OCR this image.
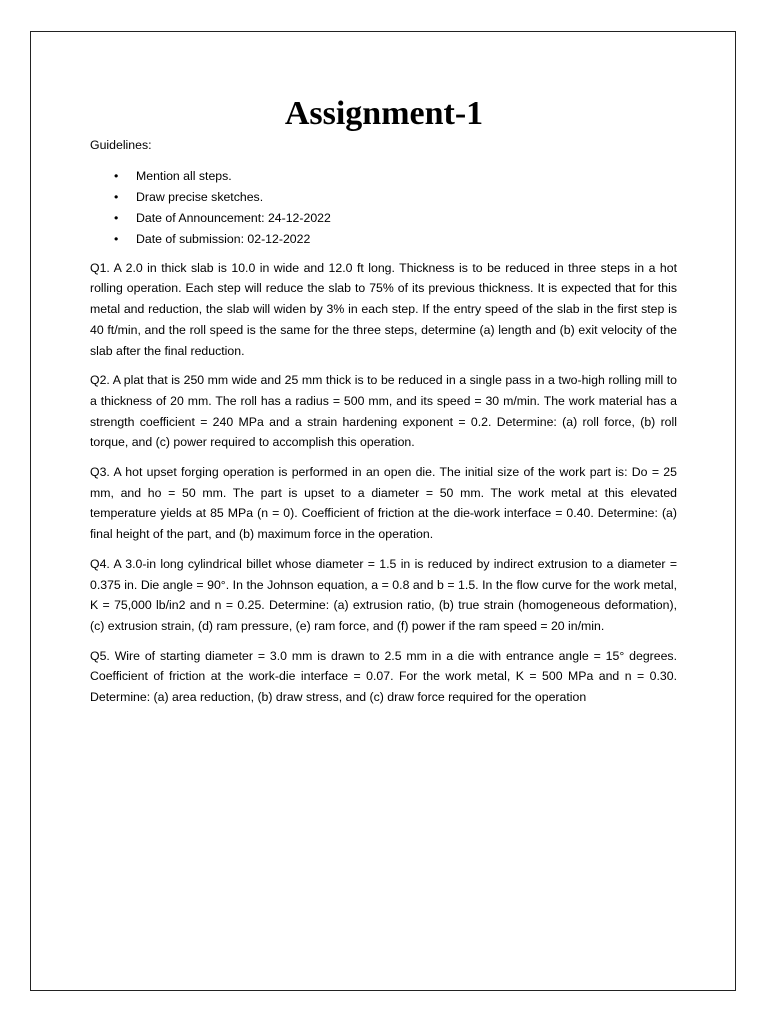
Assignment-1

Guidelines:

• Mention all steps.
• Draw precise sketches.
• Date of Announcement: 24-12-2022
• Date of submission: 02-12-2022

Q1. A 2.0 in thick slab is 10.0 in wide and 12.0 ft long. Thickness is to be reduced in three steps in a hot rolling operation. Each step will reduce the slab to 75% of its previous thickness. It is expected that for this metal and reduction, the slab will widen by 3% in each step. If the entry speed of the slab in the first step is 40 ft/min, and the roll speed is the same for the three steps, determine (a) length and (b) exit velocity of the slab after the final reduction.

Q2. A plat that is 250 mm wide and 25 mm thick is to be reduced in a single pass in a two-high rolling mill to a thickness of 20 mm. The roll has a radius = 500 mm, and its speed = 30 m/min. The work material has a strength coefficient = 240 MPa and a strain hardening exponent = 0.2. Determine: (a) roll force, (b) roll torque, and (c) power required to accomplish this operation.

Q3. A hot upset forging operation is performed in an open die. The initial size of the work part is: Do = 25 mm, and ho = 50 mm. The part is upset to a diameter = 50 mm. The work metal at this elevated temperature yields at 85 MPa (n = 0). Coefficient of friction at the die-work interface = 0.40. Determine: (a) final height of the part, and (b) maximum force in the operation.

Q4. A 3.0-in long cylindrical billet whose diameter = 1.5 in is reduced by indirect extrusion to a diameter = 0.375 in. Die angle = 90°. In the Johnson equation, a = 0.8 and b = 1.5. In the flow curve for the work metal, K = 75,000 lb/in2 and n = 0.25. Determine: (a) extrusion ratio, (b) true strain (homogeneous deformation), (c) extrusion strain, (d) ram pressure, (e) ram force, and (f) power if the ram speed = 20 in/min.

Q5. Wire of starting diameter = 3.0 mm is drawn to 2.5 mm in a die with entrance angle = 15° degrees. Coefficient of friction at the work-die interface = 0.07. For the work metal, K = 500 MPa and n = 0.30. Determine: (a) area reduction, (b) draw stress, and (c) draw force required for the operation
